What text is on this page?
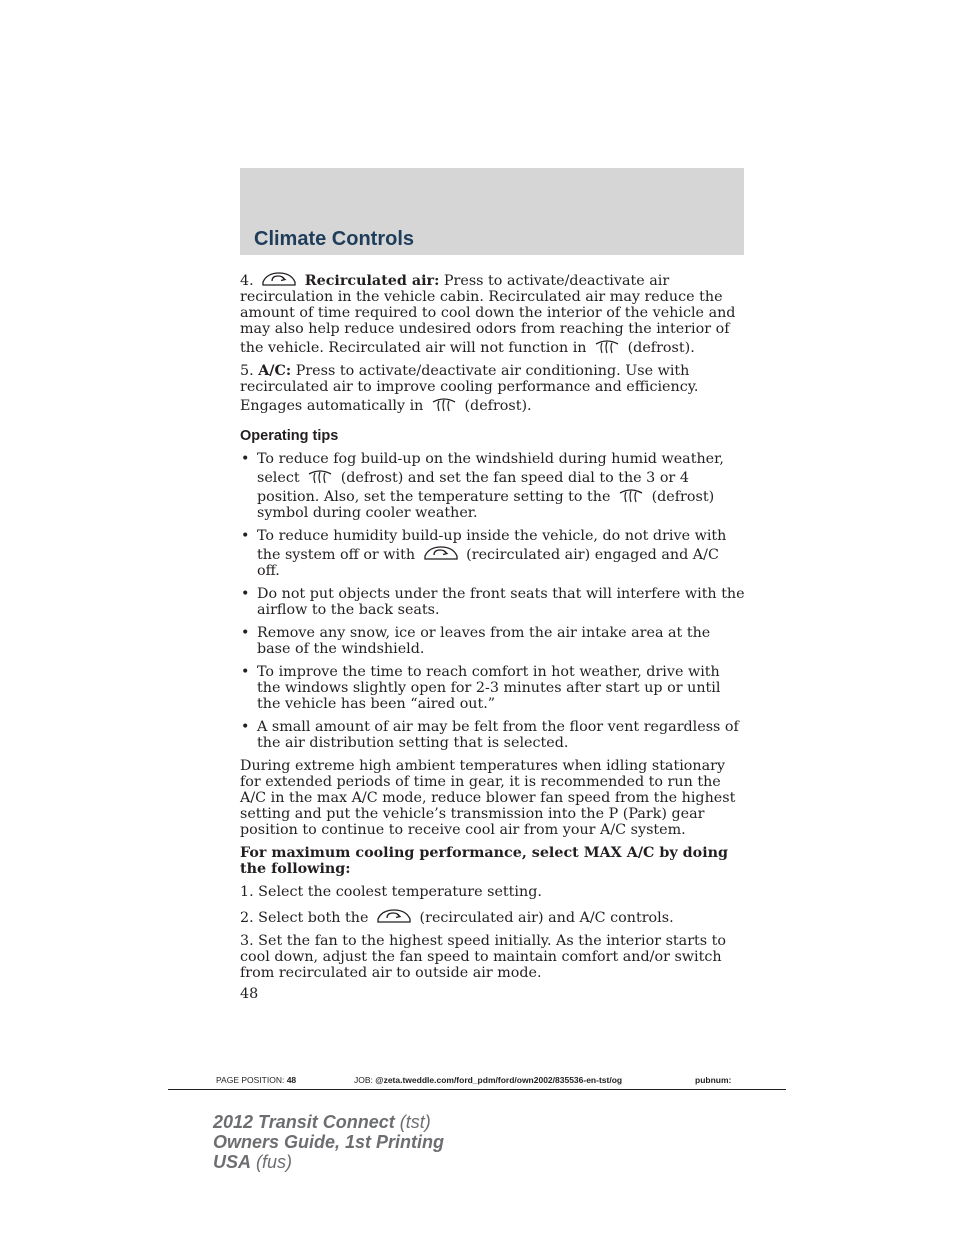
Climate Controls

4.	Recirculated air: Press to activate/deactivate air recirculation in the vehicle cabin. Recirculated air may reduce the amount of time required to cool down the interior of the vehicle and may also help reduce undesired odors from reaching the interior of the vehicle. Recirculated air will not function in	(defrost).

5. A/C: Press to activate/deactivate air conditioning. Use with recirculated air to improve cooling performance and efficiency. Engages automatically in	(defrost).

Operating tips
• To reduce fog build-up on the windshield during humid weather, select	(defrost) and set the fan speed dial to the 3 or 4 position. Also, set the temperature setting to the	(defrost) symbol during cooler weather.
• To reduce humidity build-up inside the vehicle, do not drive with the system off or with	(recirculated air) engaged and A/C off.
• Do not put objects under the front seats that will interfere with the airflow to the back seats.
• Remove any snow, ice or leaves from the air intake area at the base of the windshield.
• To improve the time to reach comfort in hot weather, drive with the windows slightly open for 2-3 minutes after start up or until the vehicle has been “aired out.”
• A small amount of air may be felt from the floor vent regardless of the air distribution setting that is selected.

During extreme high ambient temperatures when idling stationary for extended periods of time in gear, it is recommended to run the A/C in the max A/C mode, reduce blower fan speed from the highest setting and put the vehicle’s transmission into the P (Park) gear position to continue to receive cool air from your A/C system.

For maximum cooling performance, select MAX A/C by doing the following:

1. Select the coolest temperature setting.

2. Select both the	(recirculated air) and A/C controls.

3. Set the fan to the highest speed initially. As the interior starts to cool down, adjust the fan speed to maintain comfort and/or switch from recirculated air to outside air mode.

48
PAGE POSITION: 48	JOB: @zeta.tweddle.com/ford_pdm/ford/own2002/835536-en-tst/og	pubnum:
2012 Transit Connect (tst)
Owners Guide, 1st Printing
USA (fus)
